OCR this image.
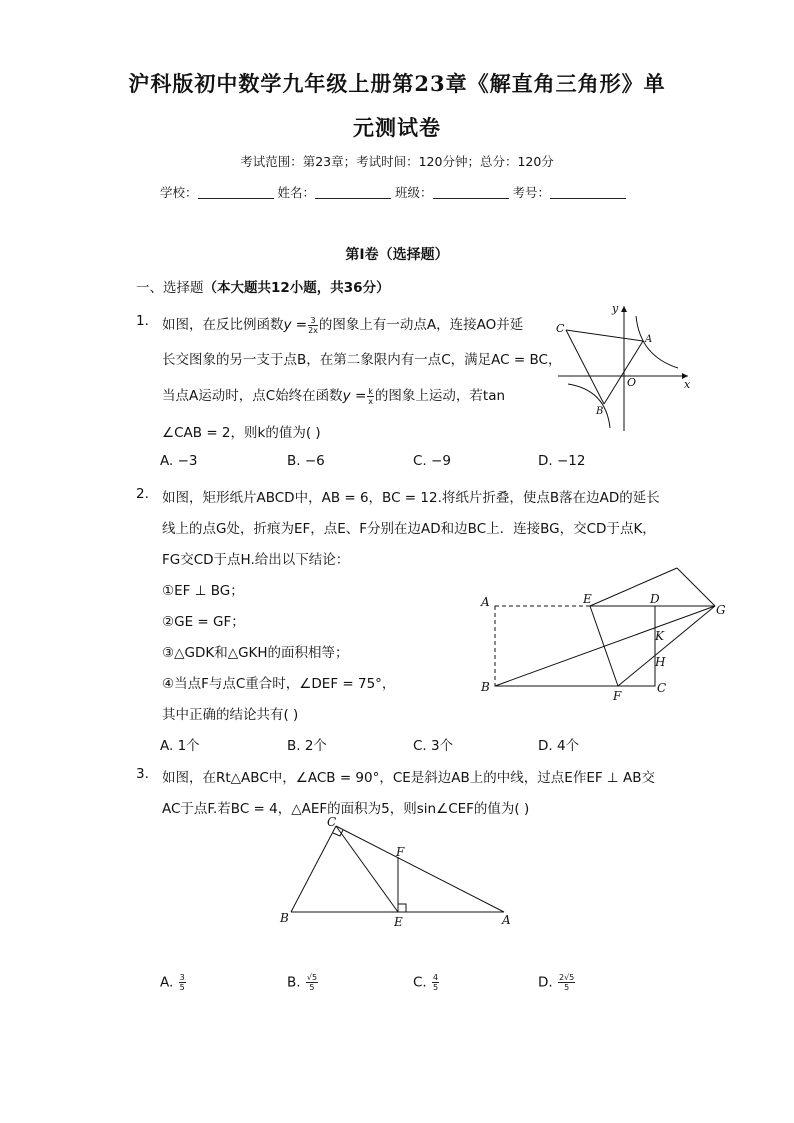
沪科版初中数学九年级上册第23章《解直角三角形》单
元测试卷
考试范围：第23章；考试时间：120分钟；总分：120分
学校：	姓名：	班级：	考号：
第I卷（选择题）
一、选择题（本大题共12小题，共36分）
1. 如图，在反比例函数$y = \frac{3}{2x}$ 的图象上有一动点A，连接AO并延
长交图象的另一支于点B，在第二象限内有一点C，满足AC = BC，
当点A运动时，点C始终在函数$y = \frac{k}{x}$ 的图象上运动，若tan
∠CAB = 2，则k的值为( )
C
A
B
O	x
y
A. −3	B. −6	C. −9	D. −12
2. 如图，矩形纸片ABCD中，AB = 6，BC = 12.将纸片折叠，使点B落在边AD的延长
线上的点G处，折痕为EF，点E、F分别在边AD和边BC上．连接BG，交CD于点K，
FG交CD于点H.给出以下结论：
①EF ⊥ BG；
②GE = GF；
③△GDK和△GKH的面积相等；
④当点F与点C重合时，∠DEF = 75°，
其中正确的结论共有( )
A	E	D
G
K
H
B
F
C
A. 1个	B. 2个	C. 3个	D. 4个
3. 如图，在Rt△ABC中，∠ACB = 90°，CE是斜边AB上的中线，过点E作EF ⊥ AB交
AC于点F.若BC = 4，△AEF的面积为5，则sin∠CEF的值为( )
C
F
B	E	A
A. $\frac{3}{5}$	B. $\frac{√5}{5}$	C. $\frac{4}{5}$	D. $\frac{2√5}{5}$
